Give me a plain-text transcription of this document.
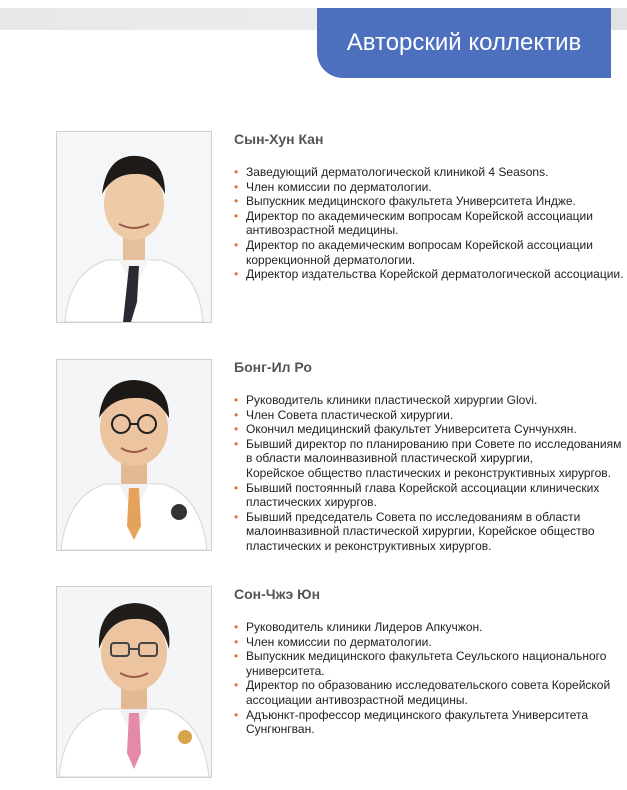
Авторский коллектив
Сын-Хун Кан
• Заведующий дерматологической клиникой 4 Seasons.
• Член комиссии по дерматологии.
• Выпускник медицинского факультета Университета Индже.
• Директор по академическим вопросам Корейской ассоциации
антивозрастной медицины.
• Директор по академическим вопросам Корейской ассоциации
коррекционной дерматологии.
• Директор издательства Корейской дерматологической ассоциации.
Бонг-Ил Ро
• Руководитель клиники пластической хирургии Glovi.
• Член Совета пластической хирургии.
• Окончил медицинский факультет Университета Сунчунхян.
• Бывший директор по планированию при Совете по исследованиям
в области малоинвазивной пластической хирургии,
Корейское общество пластических и реконструктивных хирургов.
• Бывший постоянный глава Корейской ассоциации клинических
пластических хирургов.
• Бывший председатель Совета по исследованиям в области
малоинвазивной пластической хирургии, Корейское общество
пластических и реконструктивных хирургов.
Сон-Чжэ Юн
• Руководитель клиники Лидеров Апкучжон.
• Член комиссии по дерматологии.
• Выпускник медицинского факультета Сеульского национального
университета.
• Директор по образованию исследовательского совета Корейской
ассоциации антивозрастной медицины.
• Адъюнкт-профессор медицинского факультета Университета
Сунгюнгван.
